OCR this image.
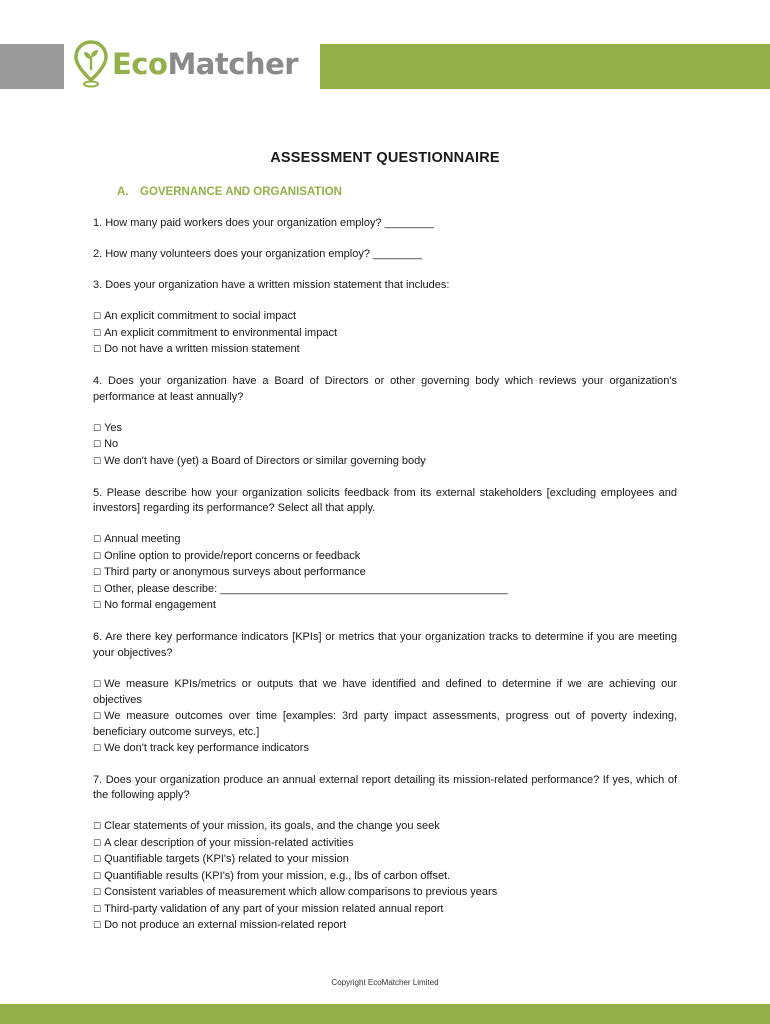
EcoMatcher
ASSESSMENT QUESTIONNAIRE
A. GOVERNANCE AND ORGANISATION

1. How many paid workers does your organization employ? ________

2. How many volunteers does your organization employ? ________

3. Does your organization have a written mission statement that includes:

☐ An explicit commitment to social impact
☐ An explicit commitment to environmental impact
☐ Do not have a written mission statement

4. Does your organization have a Board of Directors or other governing body which reviews your organization's performance at least annually?

☐ Yes
☐ No
☐ We don't have (yet) a Board of Directors or similar governing body

5. Please describe how your organization solicits feedback from its external stakeholders [excluding employees and investors] regarding its performance? Select all that apply.

☐ Annual meeting
☐ Online option to provide/report concerns or feedback
☐ Third party or anonymous surveys about performance
☐ Other, please describe: _______________________________________________
☐ No formal engagement

6. Are there key performance indicators [KPIs] or metrics that your organization tracks to determine if you are meeting your objectives?

☐ We measure KPIs/metrics or outputs that we have identified and defined to determine if we are achieving our objectives
☐ We measure outcomes over time [examples: 3rd party impact assessments, progress out of poverty indexing, beneficiary outcome surveys, etc.]
☐ We don't track key performance indicators

7. Does your organization produce an annual external report detailing its mission-related performance? If yes, which of the following apply?

☐ Clear statements of your mission, its goals, and the change you seek
☐ A clear description of your mission-related activities
☐ Quantifiable targets (KPI's) related to your mission
☐ Quantifiable results (KPI's) from your mission, e.g., lbs of carbon offset.
☐ Consistent variables of measurement which allow comparisons to previous years
☐ Third-party validation of any part of your mission related annual report
☐ Do not produce an external mission-related report
Copyright EcoMatcher Limited
